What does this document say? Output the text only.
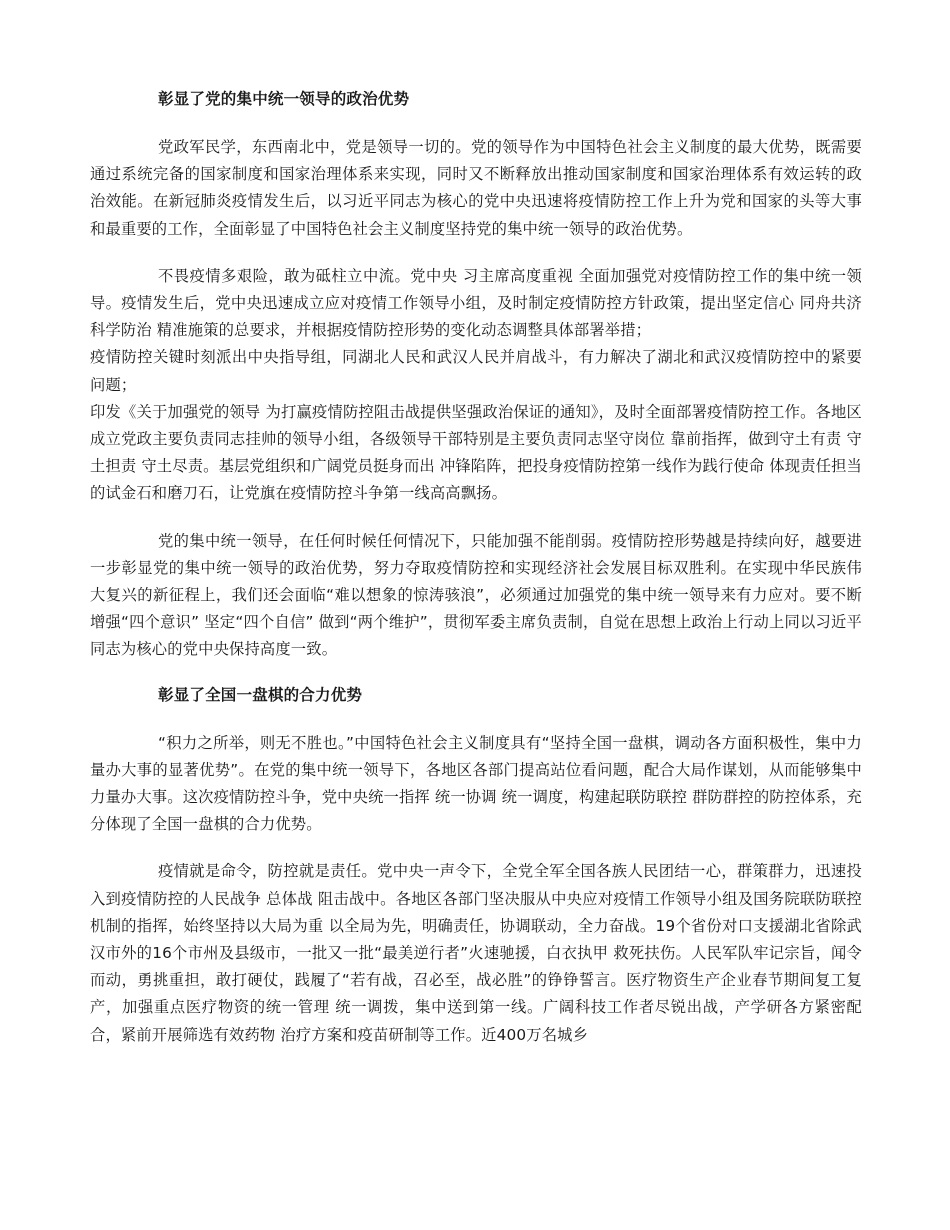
彰显了党的集中统一领导的政治优势

党政军民学，东西南北中，党是领导一切的。党的领导作为中国特色社会主义制度的最大优势，既需要通过系统完备的国家制度和国家治理体系来实现，同时又不断释放出推动国家制度和国家治理体系有效运转的政治效能。在新冠肺炎疫情发生后，以习近平同志为核心的党中央迅速将疫情防控工作上升为党和国家的头等大事和最重要的工作，全面彰显了中国特色社会主义制度坚持党的集中统一领导的政治优势。

不畏疫情多艰险，敢为砥柱立中流。党中央 习主席高度重视 全面加强党对疫情防控工作的集中统一领导。疫情发生后，党中央迅速成立应对疫情工作领导小组，及时制定疫情防控方针政策，提出坚定信心 同舟共济 科学防治 精准施策的总要求，并根据疫情防控形势的变化动态调整具体部署举措；

疫情防控关键时刻派出中央指导组，同湖北人民和武汉人民并肩战斗，有力解决了湖北和武汉疫情防控中的紧要问题；

印发《关于加强党的领导 为打赢疫情防控阻击战提供坚强政治保证的通知》，及时全面部署疫情防控工作。各地区成立党政主要负责同志挂帅的领导小组，各级领导干部特别是主要负责同志坚守岗位 靠前指挥，做到守土有责 守土担责 守土尽责。基层党组织和广阔党员挺身而出 冲锋陷阵，把投身疫情防控第一线作为践行使命 体现责任担当的试金石和磨刀石，让党旗在疫情防控斗争第一线高高飘扬。

党的集中统一领导，在任何时候任何情况下，只能加强不能削弱。疫情防控形势越是持续向好，越要进一步彰显党的集中统一领导的政治优势，努力夺取疫情防控和实现经济社会发展目标双胜利。在实现中华民族伟大复兴的新征程上，我们还会面临“难以想象的惊涛骇浪”，必须通过加强党的集中统一领导来有力应对。要不断增强“四个意识” 坚定“四个自信” 做到“两个维护”，贯彻军委主席负责制，自觉在思想上政治上行动上同以习近平同志为核心的党中央保持高度一致。

彰显了全国一盘棋的合力优势

“积力之所举，则无不胜也。”中国特色社会主义制度具有“坚持全国一盘棋，调动各方面积极性，集中力量办大事的显著优势”。在党的集中统一领导下，各地区各部门提高站位看问题，配合大局作谋划，从而能够集中力量办大事。这次疫情防控斗争，党中央统一指挥 统一协调 统一调度，构建起联防联控 群防群控的防控体系，充分体现了全国一盘棋的合力优势。

疫情就是命令，防控就是责任。党中央一声令下，全党全军全国各族人民团结一心，群策群力，迅速投入到疫情防控的人民战争 总体战 阻击战中。各地区各部门坚决服从中央应对疫情工作领导小组及国务院联防联控机制的指挥，始终坚持以大局为重 以全局为先，明确责任，协调联动，全力奋战。19个省份对口支援湖北省除武汉市外的16个市州及县级市，一批又一批“最美逆行者”火速驰援，白衣执甲 救死扶伤。人民军队牢记宗旨，闻令而动，勇挑重担，敢打硬仗，践履了“若有战，召必至，战必胜”的铮铮誓言。医疗物资生产企业春节期间复工复产，加强重点医疗物资的统一管理 统一调拨，集中送到第一线。广阔科技工作者尽锐出战，产学研各方紧密配合，紧前开展筛选有效药物 治疗方案和疫苗研制等工作。近400万名城乡
